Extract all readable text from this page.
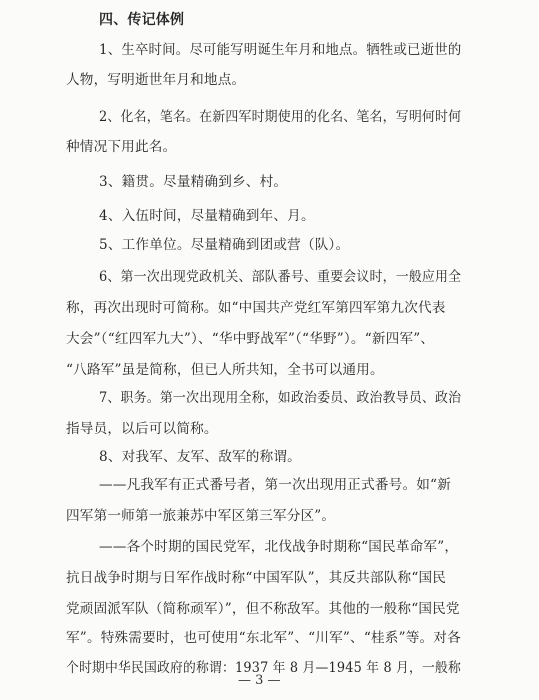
四、传记体例
1、生卒时间。尽可能写明诞生年月和地点。牺牲或已逝世的
人物，写明逝世年月和地点。
2、化名，笔名。在新四军时期使用的化名、笔名，写明何时何
种情况下用此名。
3、籍贯。尽量精确到乡、村。
4、入伍时间，尽量精确到年、月。
5、工作单位。尽量精确到团或营（队）。
6、第一次出现党政机关、部队番号、重要会议时，一般应用全
称，再次出现时可简称。如“中国共产党红军第四军第九次代表
大会”（“红四军九大”）、“华中野战军”（“华野”）。“新四军”、
“八路军”虽是简称，但已人所共知，全书可以通用。
7、职务。第一次出现用全称，如政治委员、政治教导员、政治
指导员，以后可以简称。
8、对我军、友军、敌军的称谓。
——凡我军有正式番号者，第一次出现用正式番号。如“新
四军第一师第一旅兼苏中军区第三军分区”。
——各个时期的国民党军，北伐战争时期称“国民革命军”，
抗日战争时期与日军作战时称“中国军队”，其反共部队称“国民
党顽固派军队（简称顽军）”，但不称敌军。其他的一般称“国民党
军”。特殊需要时，也可使用“东北军”、“川军”、“桂系”等。对各
个时期中华民国政府的称谓：1937 年 8 月—1945 年 8 月，一般称
— 3 —
